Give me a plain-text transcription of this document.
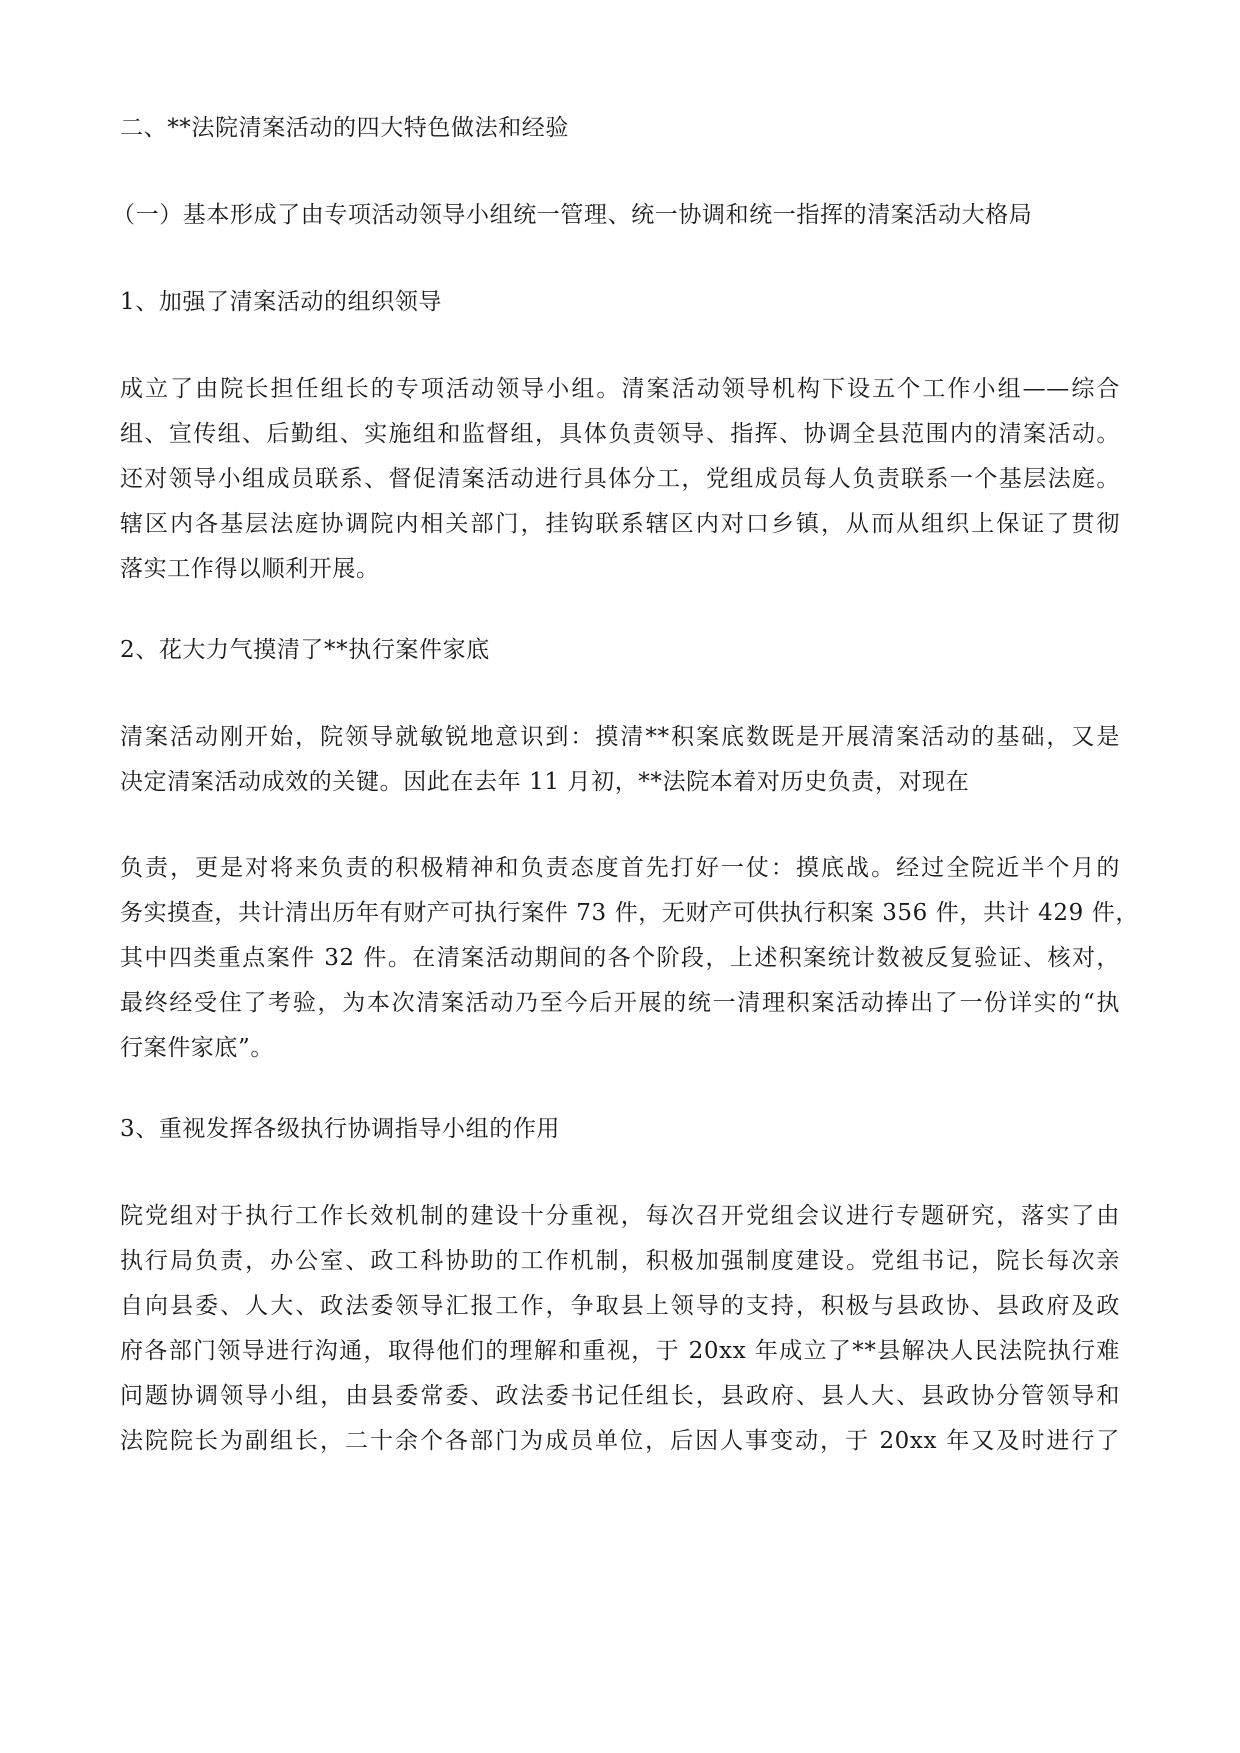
二、**法院清案活动的四大特色做法和经验

（一）基本形成了由专项活动领导小组统一管理、统一协调和统一指挥的清案活动大格局

1、加强了清案活动的组织领导

成立了由院长担任组长的专项活动领导小组。清案活动领导机构下设五个工作小组——综合
组、宣传组、后勤组、实施组和监督组，具体负责领导、指挥、协调全县范围内的清案活动。
还对领导小组成员联系、督促清案活动进行具体分工，党组成员每人负责联系一个基层法庭。
辖区内各基层法庭协调院内相关部门，挂钩联系辖区内对口乡镇，从而从组织上保证了贯彻
落实工作得以顺利开展。

2、花大力气摸清了**执行案件家底

清案活动刚开始，院领导就敏锐地意识到：摸清**积案底数既是开展清案活动的基础，又是
决定清案活动成效的关键。因此在去年 11 月初，**法院本着对历史负责，对现在
负责，更是对将来负责的积极精神和负责态度首先打好一仗：摸底战。经过全院近半个月的
务实摸查，共计清出历年有财产可执行案件 73 件，无财产可供执行积案 356 件，共计 429 件，
其中四类重点案件 32 件。在清案活动期间的各个阶段，上述积案统计数被反复验证、核对，
最终经受住了考验，为本次清案活动乃至今后开展的统一清理积案活动捧出了一份详实的“执
行案件家底”。

3、重视发挥各级执行协调指导小组的作用

院党组对于执行工作长效机制的建设十分重视，每次召开党组会议进行专题研究，落实了由
执行局负责，办公室、政工科协助的工作机制，积极加强制度建设。党组书记，院长每次亲
自向县委、人大、政法委领导汇报工作，争取县上领导的支持，积极与县政协、县政府及政
府各部门领导进行沟通，取得他们的理解和重视，于 20xx 年成立了**县解决人民法院执行难
问题协调领导小组，由县委常委、政法委书记任组长，县政府、县人大、县政协分管领导和
法院院长为副组长，二十余个各部门为成员单位，后因人事变动，于 20xx 年又及时进行了
